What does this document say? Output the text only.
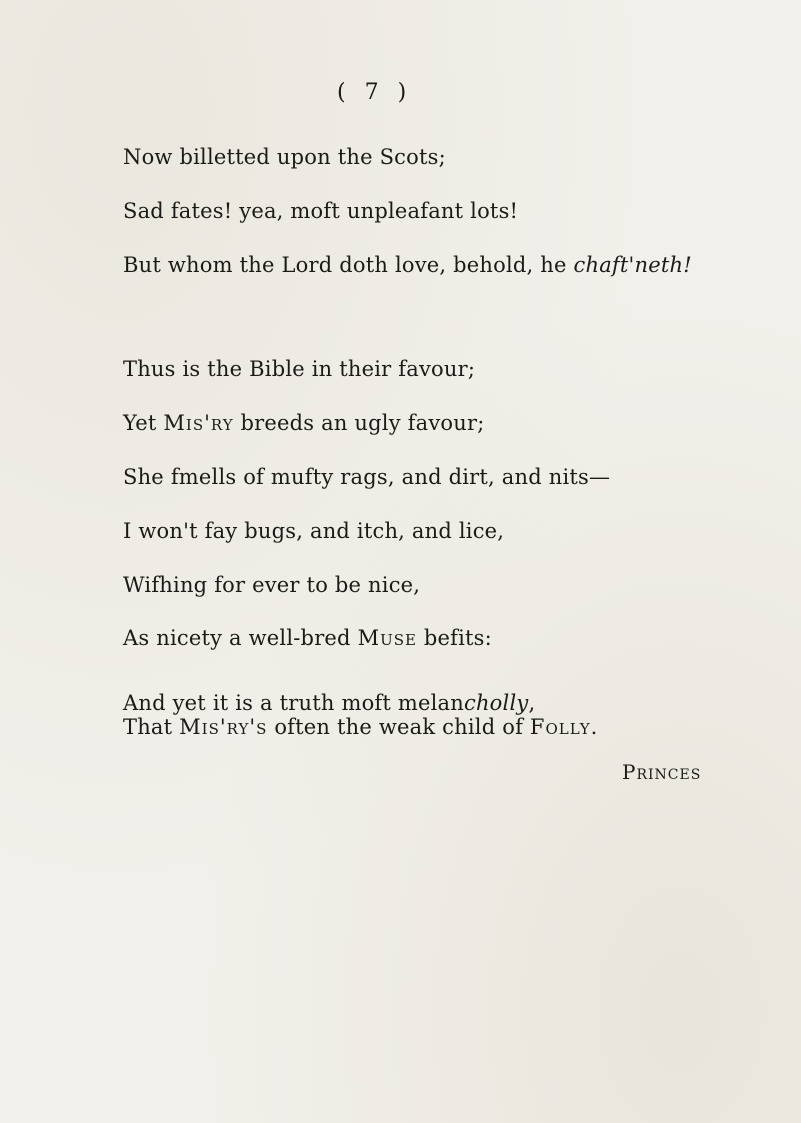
( 7 )
Now billetted upon the Scots;
Sad fates! yea, moft unpleafant lots!
But whom the Lord doth love, behold, he chaft'neth!
Thus is the Bible in their favour;
Yet Mis'ry breeds an ugly favour;
She fmells of mufty rags, and dirt, and nits—
I won't fay bugs, and itch, and lice,
Wifhing for ever to be nice,
As nicety a well-bred Muse befits:
And yet it is a truth moft melancholly,
That Mis'ry's often the weak child of Folly.
Princes
